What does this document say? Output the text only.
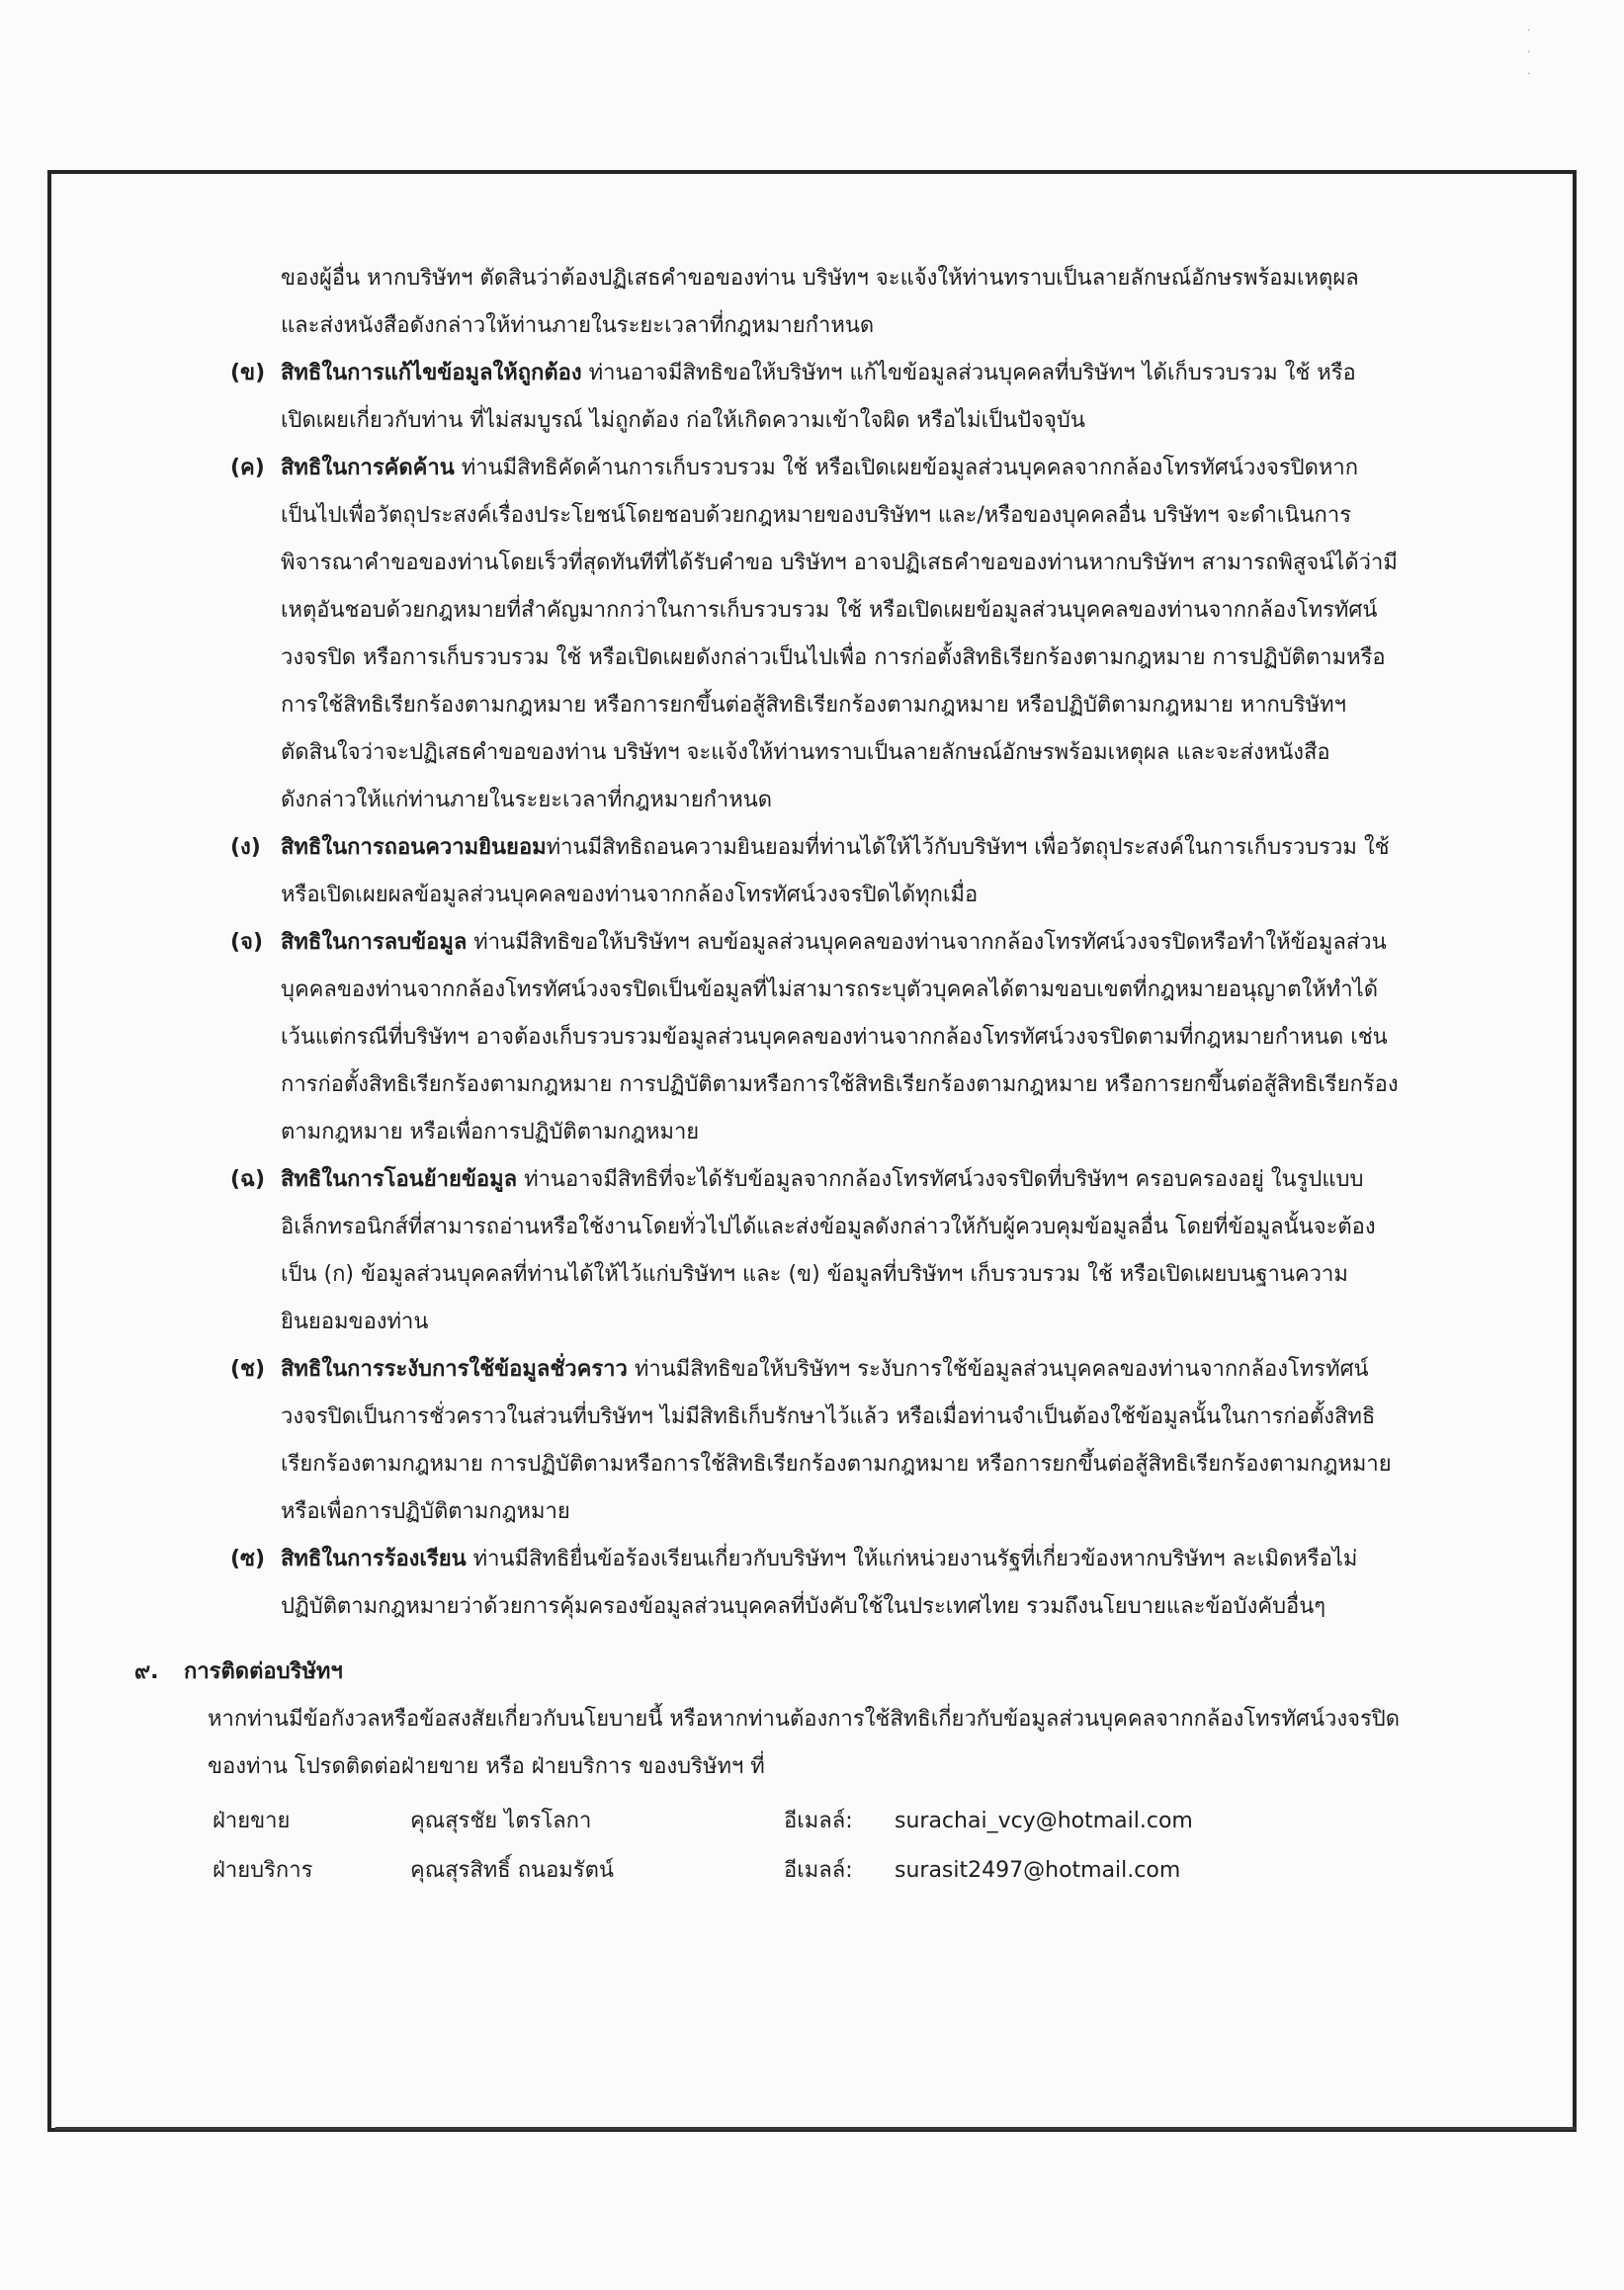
·
·
·
ของผู้อื่น หากบริษัทฯ ตัดสินว่าต้องปฏิเสธคำขอของท่าน บริษัทฯ จะแจ้งให้ท่านทราบเป็นลายลักษณ์อักษรพร้อมเหตุผล
และส่งหนังสือดังกล่าวให้ท่านภายในระยะเวลาที่กฎหมายกำหนด
(ข) สิทธิในการแก้ไขข้อมูลให้ถูกต้อง ท่านอาจมีสิทธิขอให้บริษัทฯ แก้ไขข้อมูลส่วนบุคคลที่บริษัทฯ ได้เก็บรวบรวม ใช้ หรือ
เปิดเผยเกี่ยวกับท่าน ที่ไม่สมบูรณ์ ไม่ถูกต้อง ก่อให้เกิดความเข้าใจผิด หรือไม่เป็นปัจจุบัน
(ค) สิทธิในการคัดค้าน ท่านมีสิทธิคัดค้านการเก็บรวบรวม ใช้ หรือเปิดเผยข้อมูลส่วนบุคคลจากกล้องโทรทัศน์วงจรปิดหาก
เป็นไปเพื่อวัตถุประสงค์เรื่องประโยชน์โดยชอบด้วยกฎหมายของบริษัทฯ และ/หรือของบุคคลอื่น บริษัทฯ จะดำเนินการ
พิจารณาคำขอของท่านโดยเร็วที่สุดทันทีที่ได้รับคำขอ บริษัทฯ อาจปฏิเสธคำขอของท่านหากบริษัทฯ สามารถพิสูจน์ได้ว่ามี
เหตุอันชอบด้วยกฎหมายที่สำคัญมากกว่าในการเก็บรวบรวม ใช้ หรือเปิดเผยข้อมูลส่วนบุคคลของท่านจากกล้องโทรทัศน์
วงจรปิด หรือการเก็บรวบรวม ใช้ หรือเปิดเผยดังกล่าวเป็นไปเพื่อ การก่อตั้งสิทธิเรียกร้องตามกฎหมาย การปฏิบัติตามหรือ
การใช้สิทธิเรียกร้องตามกฎหมาย หรือการยกขึ้นต่อสู้สิทธิเรียกร้องตามกฎหมาย หรือปฏิบัติตามกฎหมาย หากบริษัทฯ
ตัดสินใจว่าจะปฏิเสธคำขอของท่าน บริษัทฯ จะแจ้งให้ท่านทราบเป็นลายลักษณ์อักษรพร้อมเหตุผล และจะส่งหนังสือ
ดังกล่าวให้แก่ท่านภายในระยะเวลาที่กฎหมายกำหนด
(ง) สิทธิในการถอนความยินยอมท่านมีสิทธิถอนความยินยอมที่ท่านได้ให้ไว้กับบริษัทฯ เพื่อวัตถุประสงค์ในการเก็บรวบรวม ใช้
หรือเปิดเผยผลข้อมูลส่วนบุคคลของท่านจากกล้องโทรทัศน์วงจรปิดได้ทุกเมื่อ
(จ) สิทธิในการลบข้อมูล ท่านมีสิทธิขอให้บริษัทฯ ลบข้อมูลส่วนบุคคลของท่านจากกล้องโทรทัศน์วงจรปิดหรือทำให้ข้อมูลส่วน
บุคคลของท่านจากกล้องโทรทัศน์วงจรปิดเป็นข้อมูลที่ไม่สามารถระบุตัวบุคคลได้ตามขอบเขตที่กฎหมายอนุญาตให้ทำได้
เว้นแต่กรณีที่บริษัทฯ อาจต้องเก็บรวบรวมข้อมูลส่วนบุคคลของท่านจากกล้องโทรทัศน์วงจรปิดตามที่กฎหมายกำหนด เช่น
การก่อตั้งสิทธิเรียกร้องตามกฎหมาย การปฏิบัติตามหรือการใช้สิทธิเรียกร้องตามกฎหมาย หรือการยกขึ้นต่อสู้สิทธิเรียกร้อง
ตามกฎหมาย หรือเพื่อการปฏิบัติตามกฎหมาย
(ฉ) สิทธิในการโอนย้ายข้อมูล ท่านอาจมีสิทธิที่จะได้รับข้อมูลจากกล้องโทรทัศน์วงจรปิดที่บริษัทฯ ครอบครองอยู่ ในรูปแบบ
อิเล็กทรอนิกส์ที่สามารถอ่านหรือใช้งานโดยทั่วไปได้และส่งข้อมูลดังกล่าวให้กับผู้ควบคุมข้อมูลอื่น โดยที่ข้อมูลนั้นจะต้อง
เป็น (ก) ข้อมูลส่วนบุคคลที่ท่านได้ให้ไว้แก่บริษัทฯ และ (ข) ข้อมูลที่บริษัทฯ เก็บรวบรวม ใช้ หรือเปิดเผยบนฐานความ
ยินยอมของท่าน
(ช) สิทธิในการระงับการใช้ข้อมูลชั่วคราว ท่านมีสิทธิขอให้บริษัทฯ ระงับการใช้ข้อมูลส่วนบุคคลของท่านจากกล้องโทรทัศน์
วงจรปิดเป็นการชั่วคราวในส่วนที่บริษัทฯ ไม่มีสิทธิเก็บรักษาไว้แล้ว หรือเมื่อท่านจำเป็นต้องใช้ข้อมูลนั้นในการก่อตั้งสิทธิ
เรียกร้องตามกฎหมาย การปฏิบัติตามหรือการใช้สิทธิเรียกร้องตามกฎหมาย หรือการยกขึ้นต่อสู้สิทธิเรียกร้องตามกฎหมาย
หรือเพื่อการปฏิบัติตามกฎหมาย
(ซ) สิทธิในการร้องเรียน ท่านมีสิทธิยื่นข้อร้องเรียนเกี่ยวกับบริษัทฯ ให้แก่หน่วยงานรัฐที่เกี่ยวข้องหากบริษัทฯ ละเมิดหรือไม่
ปฏิบัติตามกฎหมายว่าด้วยการคุ้มครองข้อมูลส่วนบุคคลที่บังคับใช้ในประเทศไทย รวมถึงนโยบายและข้อบังคับอื่นๆ
๙. การติดต่อบริษัทฯ
หากท่านมีข้อกังวลหรือข้อสงสัยเกี่ยวกับนโยบายนี้ หรือหากท่านต้องการใช้สิทธิเกี่ยวกับข้อมูลส่วนบุคคลจากกล้องโทรทัศน์วงจรปิด
ของท่าน โปรดติดต่อฝ่ายขาย หรือ ฝ่ายบริการ ของบริษัทฯ ที่
ฝ่ายขาย	คุณสุรชัย ไตรโลกา	อีเมลล์: surachai_vcy@hotmail.com
ฝ่ายบริการ	คุณสุรสิทธิ์ ถนอมรัตน์	อีเมลล์: surasit2497@hotmail.com
